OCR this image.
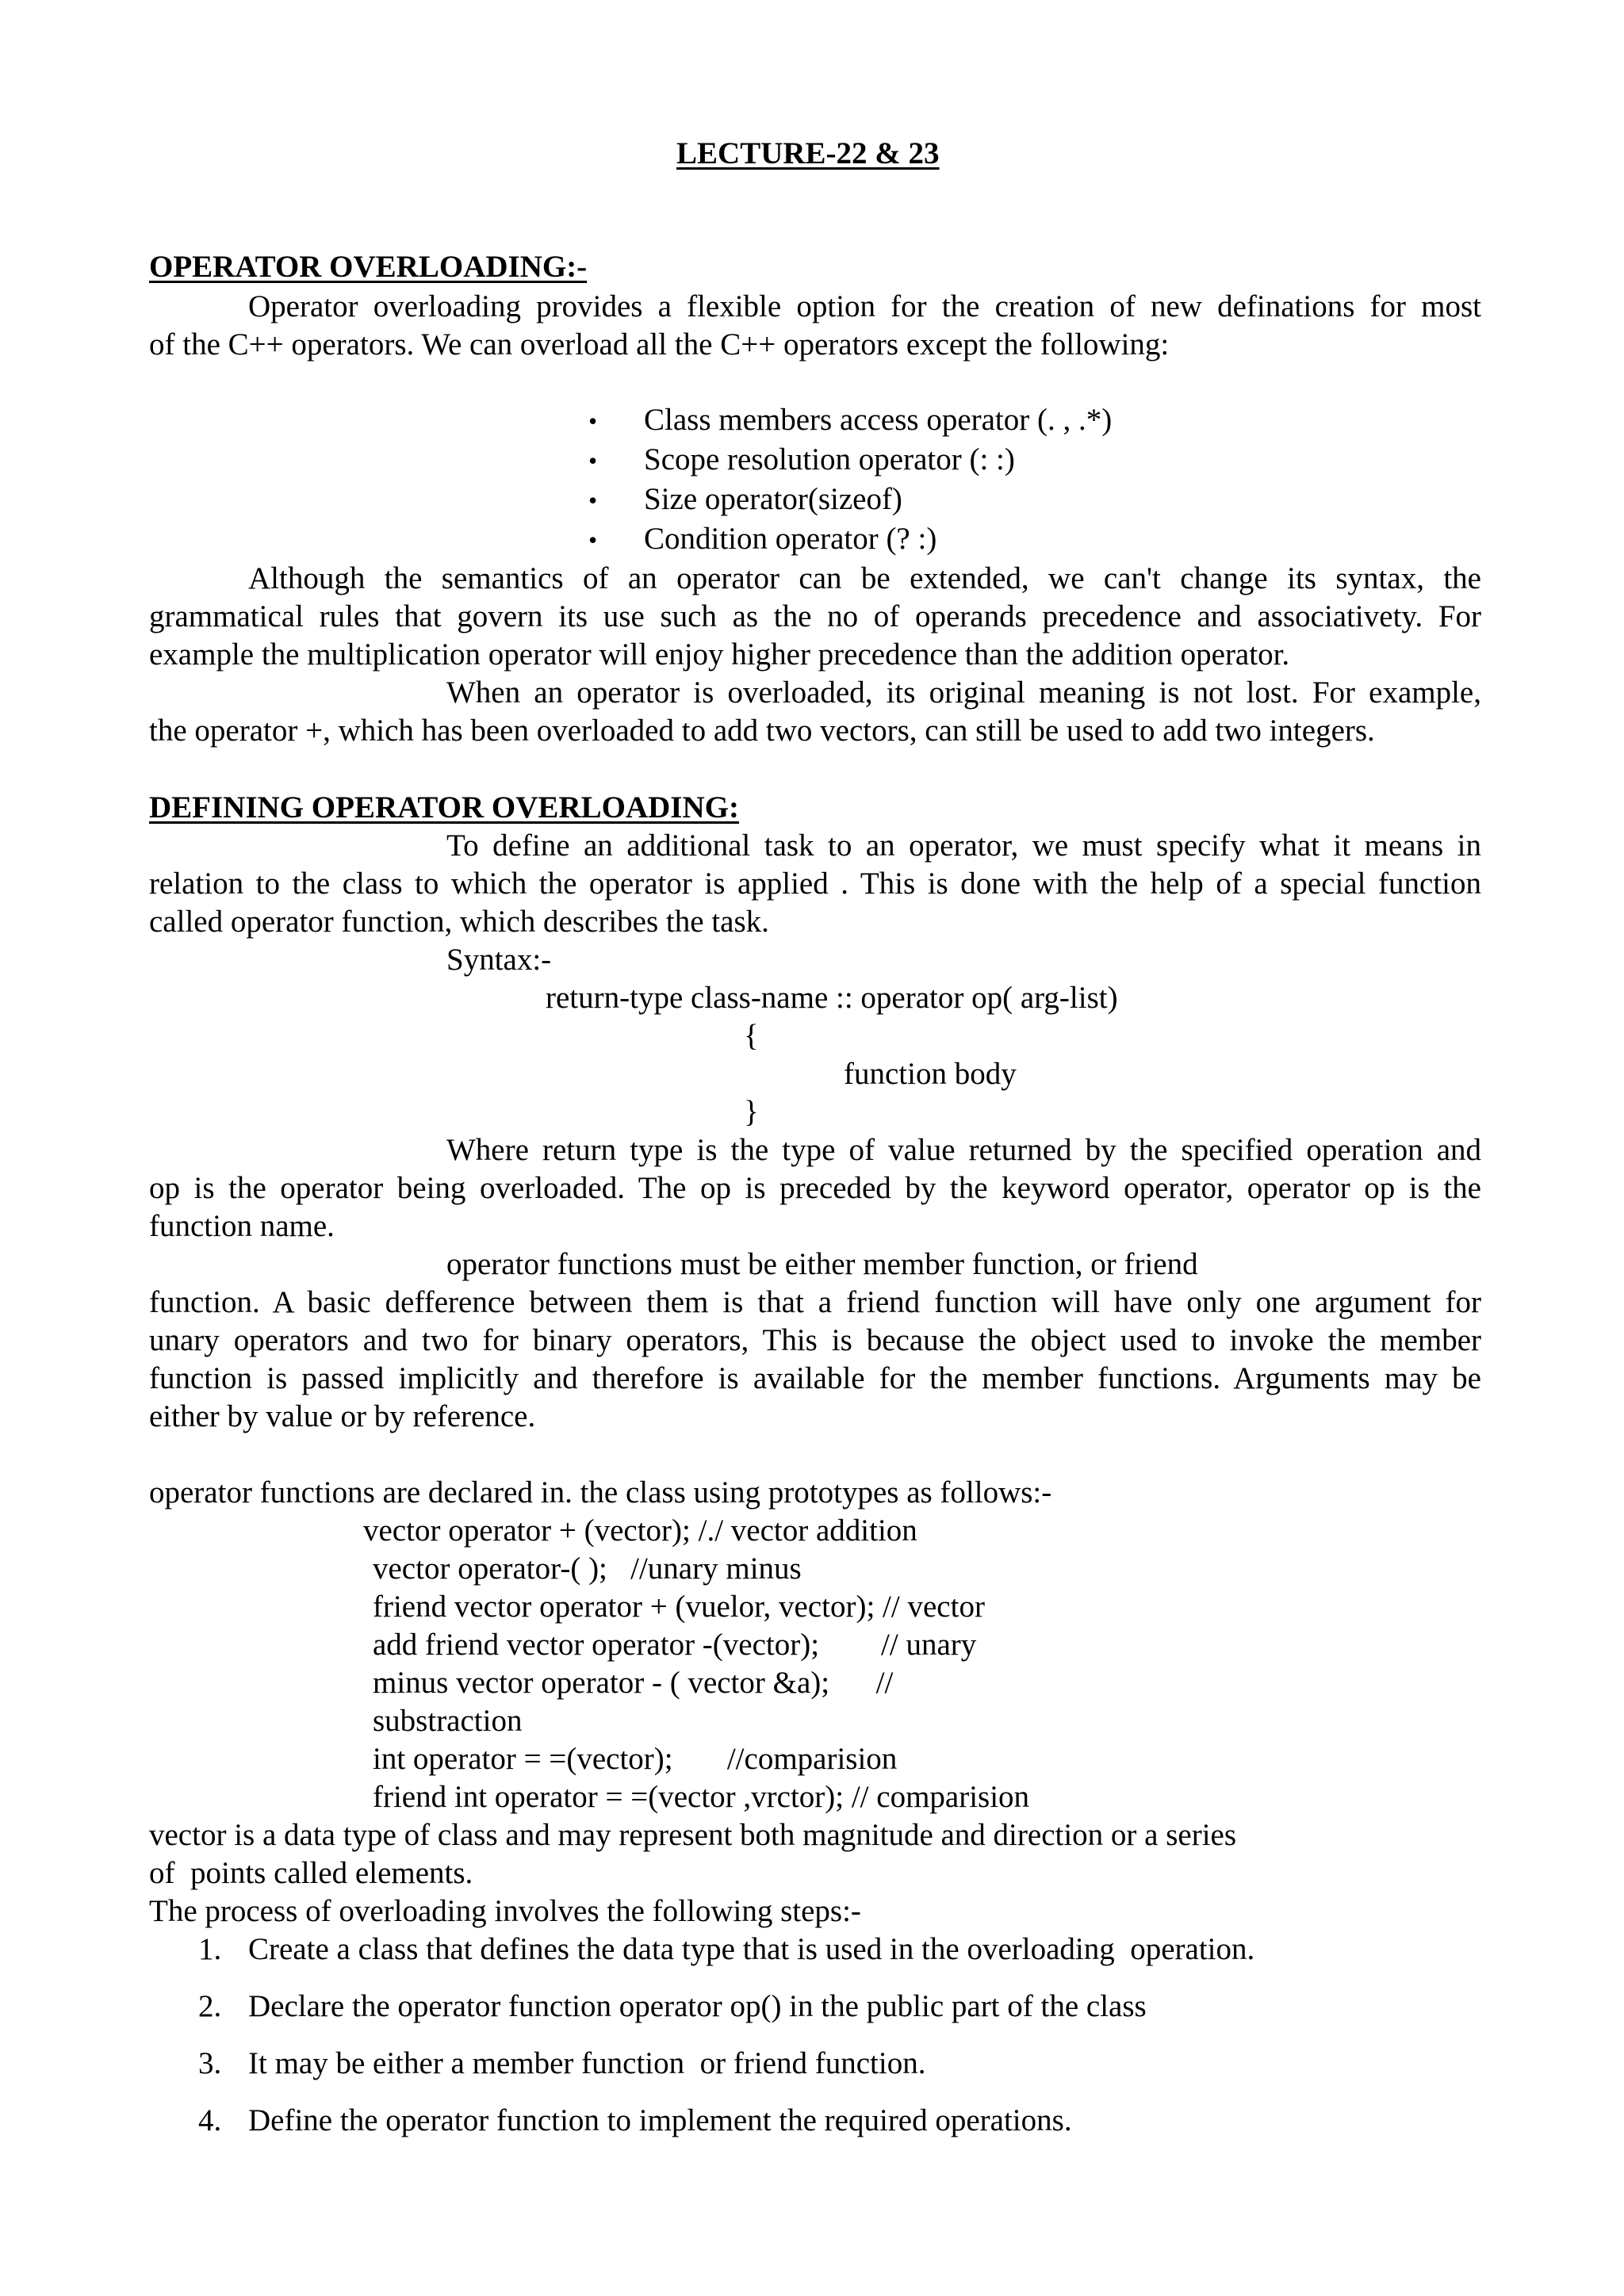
LECTURE-22 & 23
OPERATOR OVERLOADING:-
Operator overloading provides a flexible option for the creation of new definations for most
of the C++ operators. We can overload all the C++ operators except the following:
• Class members access operator (. , .*)
• Scope resolution operator (: :)
• Size operator(sizeof)
• Condition operator (? :)
Although the semantics of an operator can be extended, we can't change its syntax, the
grammatical rules that govern its use such as the no of operands precedence and associativety. For
example the multiplication operator will enjoy higher precedence than the addition operator.
When an operator is overloaded, its original meaning is not lost. For example,
the operator +, which has been overloaded to add two vectors, can still be used to add two integers.
DEFINING OPERATOR OVERLOADING:
To define an additional task to an operator, we must specify what it means in
relation to the class to which the operator is applied . This is done with the help of a special function
called operator function, which describes the task.
Syntax:-
return-type class-name :: operator op( arg-list)
{
function body
}
Where return type is the type of value returned by the specified operation and
op is the operator being overloaded. The op is preceded by the keyword operator, operator op is the
function name.
operator functions must be either member function, or friend
function. A basic defference between them is that a friend function will have only one argument for
unary operators and two for binary operators, This is because the object used to invoke the member
function is passed implicitly and therefore is available for the member functions. Arguments may be
either by value or by reference.
operator functions are declared in. the class using prototypes as follows:-
vector operator + (vector); /./ vector addition
vector operator-( );   //unary minus
friend vector operator + (vuelor, vector); // vector
add friend vector operator -(vector);        // unary
minus vector operator - ( vector &a);      //
substraction
int operator = =(vector);       //comparision
friend int operator = =(vector ,vrctor); // comparision
vector is a data type of class and may represent both magnitude and direction or a series
of  points called elements.
The process of overloading involves the following steps:-
1. Create a class that defines the data type that is used in the overloading  operation.
2. Declare the operator function operator op() in the public part of the class
3. It may be either a member function  or friend function.
4. Define the operator function to implement the required operations.
